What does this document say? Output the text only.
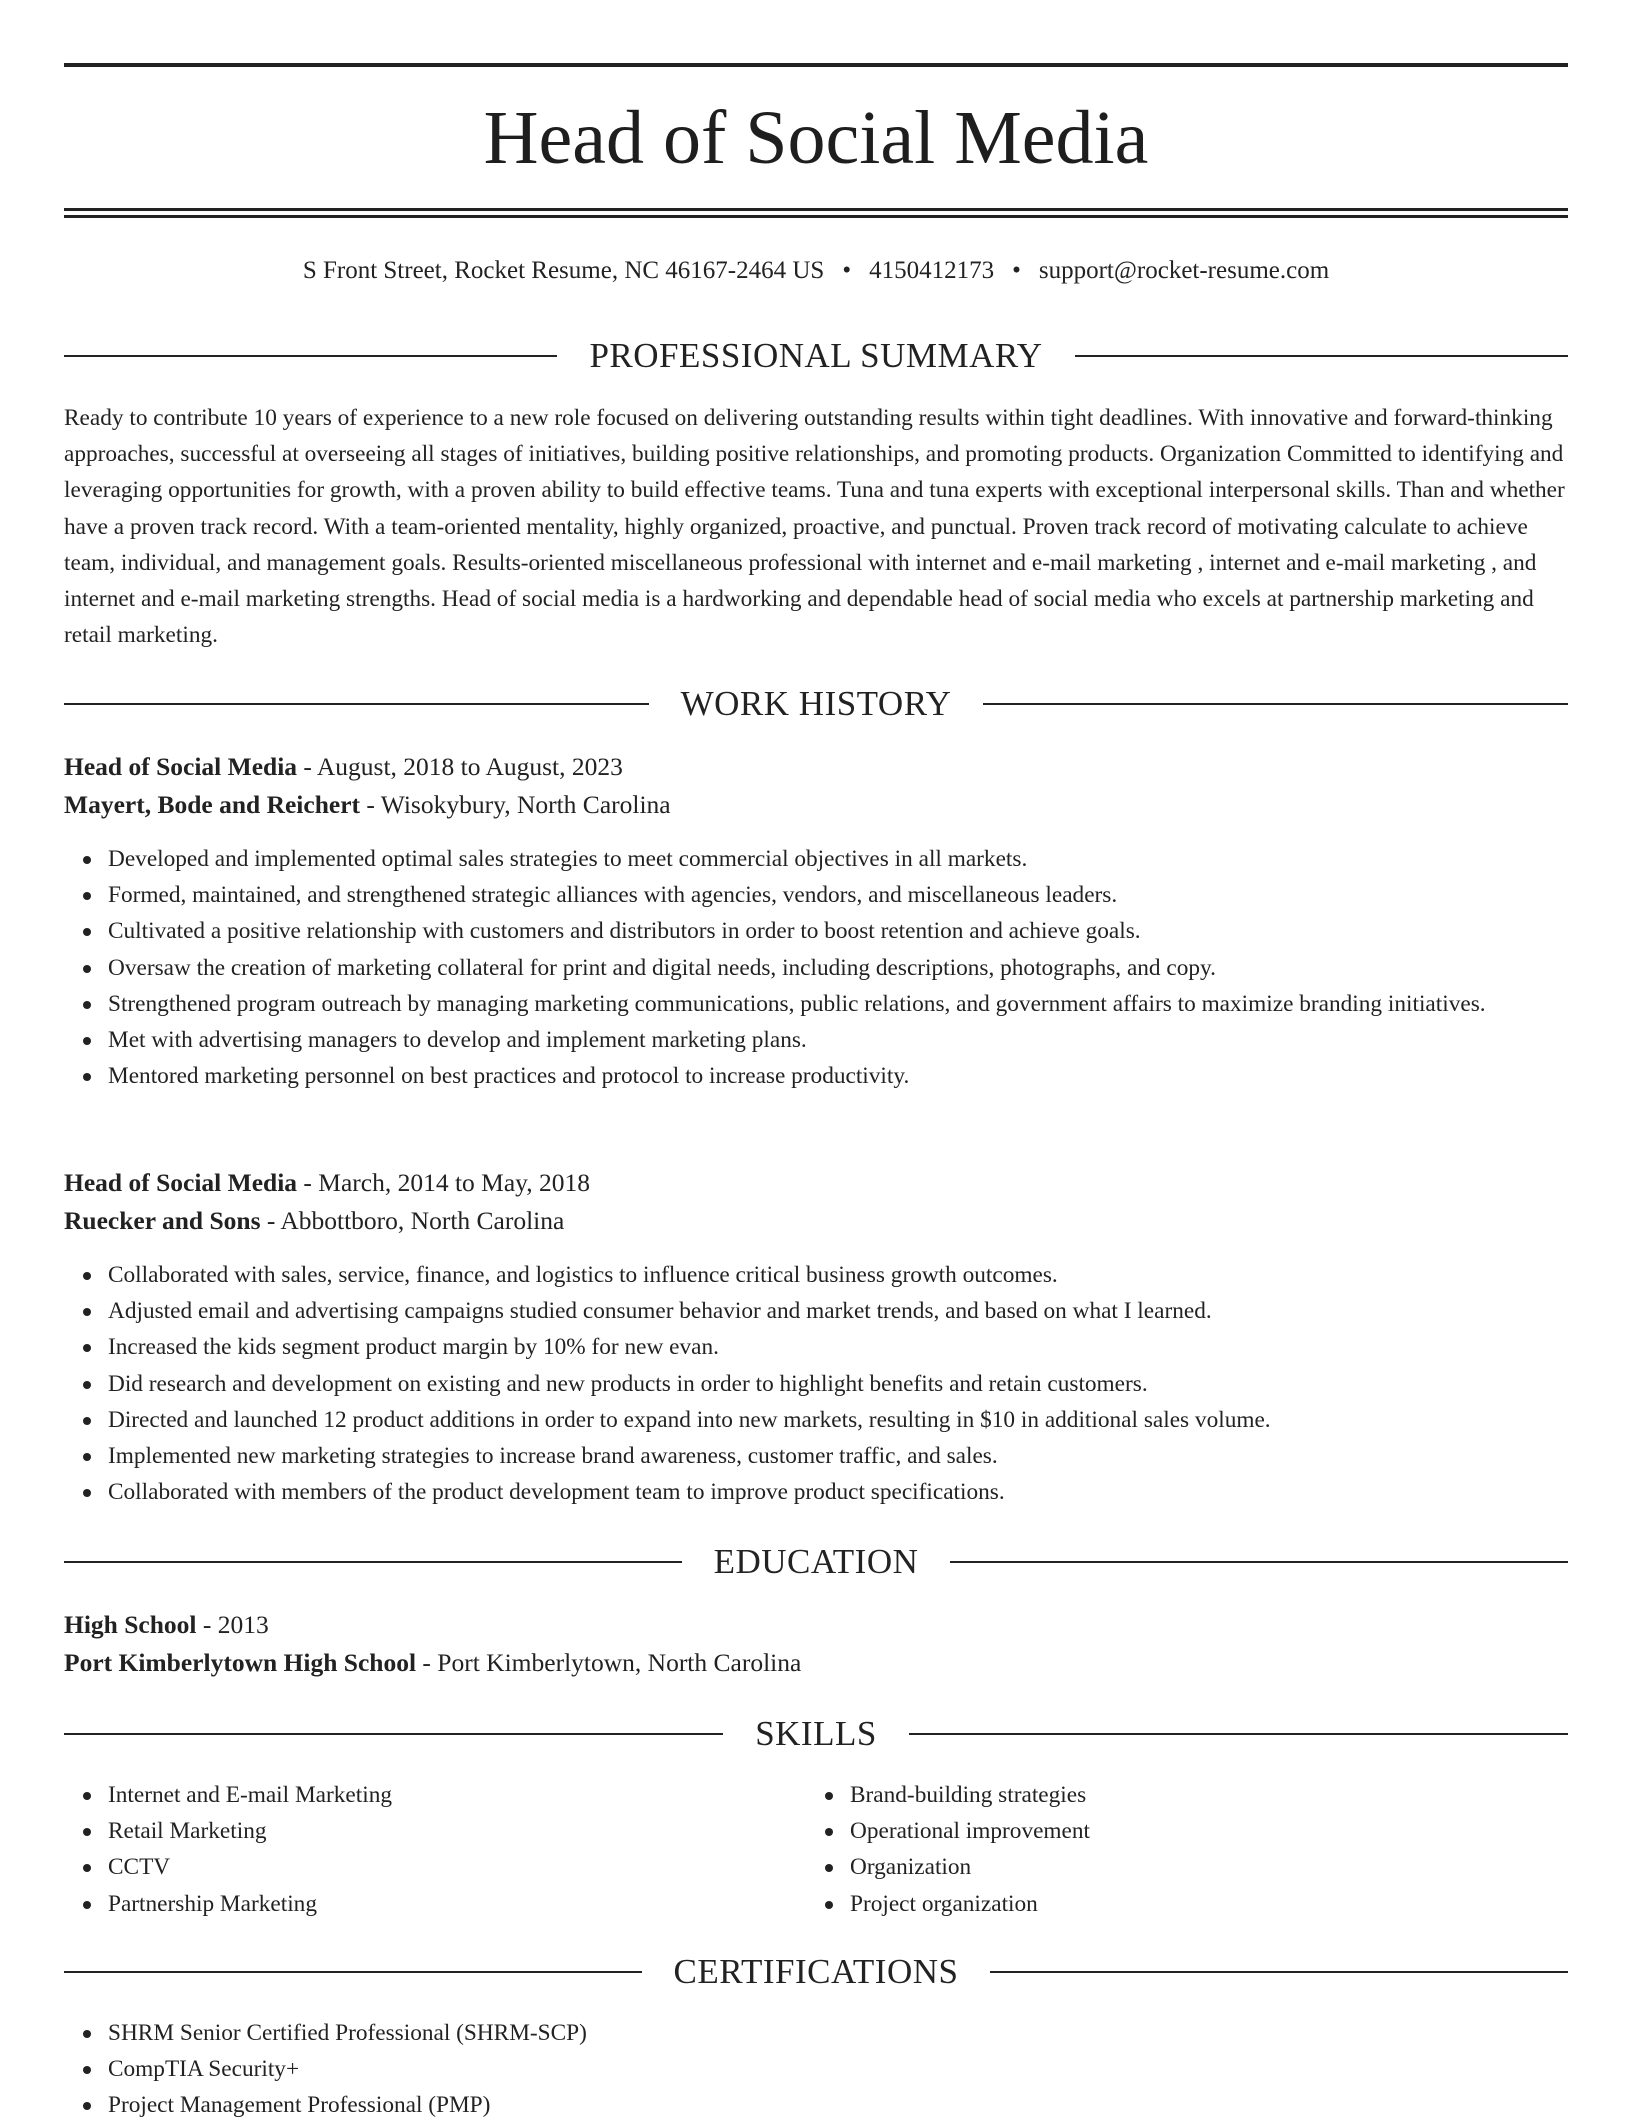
Head of Social Media
S Front Street, Rocket Resume, NC 46167-2464 US • 4150412173 • support@rocket-resume.com
PROFESSIONAL SUMMARY

Ready to contribute 10 years of experience to a new role focused on delivering outstanding results within tight deadlines. With innovative and forward-thinking approaches, successful at overseeing all stages of initiatives, building positive relationships, and promoting products. Organization Committed to identifying and leveraging opportunities for growth, with a proven ability to build effective teams. Tuna and tuna experts with exceptional interpersonal skills. Than and whether have a proven track record. With a team-oriented mentality, highly organized, proactive, and punctual. Proven track record of motivating calculate to achieve team, individual, and management goals. Results-oriented miscellaneous professional with internet and e-mail marketing , internet and e-mail marketing , and internet and e-mail marketing strengths. Head of social media is a hardworking and dependable head of social media who excels at partnership marketing and retail marketing.

WORK HISTORY
Head of Social Media - August, 2018 to August, 2023
Mayert, Bode and Reichert - Wisokybury, North Carolina
Developed and implemented optimal sales strategies to meet commercial objectives in all markets.
Formed, maintained, and strengthened strategic alliances with agencies, vendors, and miscellaneous leaders.
Cultivated a positive relationship with customers and distributors in order to boost retention and achieve goals.
Oversaw the creation of marketing collateral for print and digital needs, including descriptions, photographs, and copy.
Strengthened program outreach by managing marketing communications, public relations, and government affairs to maximize branding initiatives.
Met with advertising managers to develop and implement marketing plans.
Mentored marketing personnel on best practices and protocol to increase productivity.
Head of Social Media - March, 2014 to May, 2018
Ruecker and Sons - Abbottboro, North Carolina
Collaborated with sales, service, finance, and logistics to influence critical business growth outcomes.
Adjusted email and advertising campaigns studied consumer behavior and market trends, and based on what I learned.
Increased the kids segment product margin by 10% for new evan.
Did research and development on existing and new products in order to highlight benefits and retain customers.
Directed and launched 12 product additions in order to expand into new markets, resulting in $10 in additional sales volume.
Implemented new marketing strategies to increase brand awareness, customer traffic, and sales.
Collaborated with members of the product development team to improve product specifications.
EDUCATION
High School - 2013
Port Kimberlytown High School - Port Kimberlytown, North Carolina
SKILLS
Internet and E-mail Marketing
Retail Marketing
CCTV
Partnership Marketing
Brand-building strategies
Operational improvement
Organization
Project organization
CERTIFICATIONS
SHRM Senior Certified Professional (SHRM-SCP)
CompTIA Security+
Project Management Professional (PMP)
